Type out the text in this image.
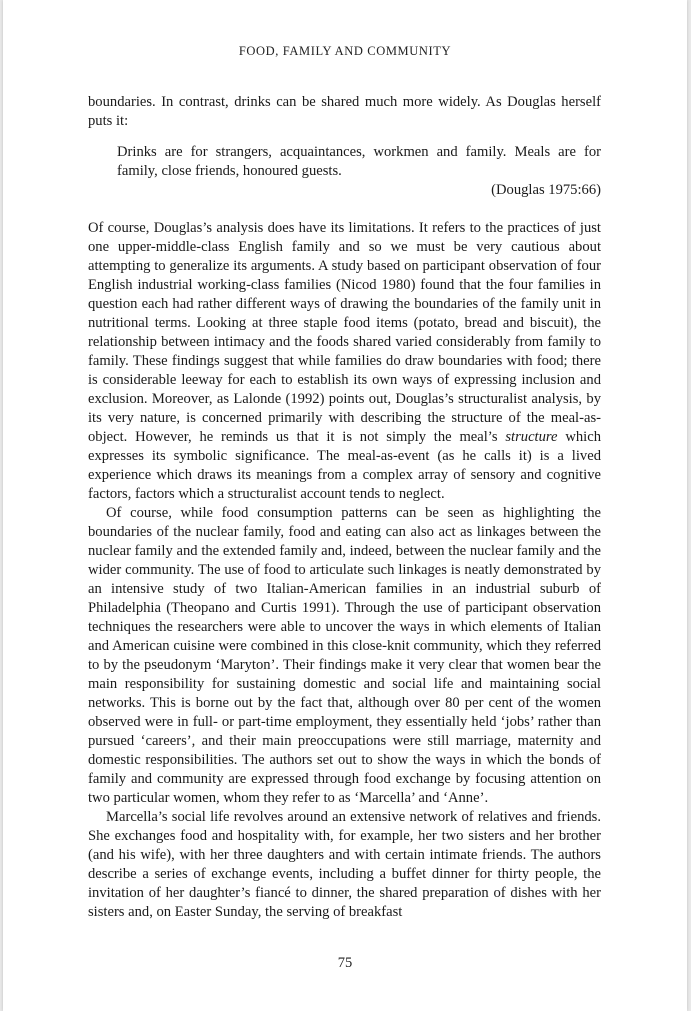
FOOD, FAMILY AND COMMUNITY

boundaries. In contrast, drinks can be shared much more widely. As Douglas herself puts it:

Drinks are for strangers, acquaintances, workmen and family. Meals are for family, close friends, honoured guests.

(Douglas 1975:66)

Of course, Douglas’s analysis does have its limitations. It refers to the practices of just one upper-middle-class English family and so we must be very cautious about attempting to generalize its arguments. A study based on participant observation of four English industrial working-class families (Nicod 1980) found that the four families in question each had rather different ways of drawing the boundaries of the family unit in nutritional terms. Looking at three staple food items (potato, bread and biscuit), the relationship between intimacy and the foods shared varied considerably from family to family. These findings suggest that while families do draw boundaries with food; there is considerable leeway for each to establish its own ways of expressing inclusion and exclusion. Moreover, as Lalonde (1992) points out, Douglas’s structuralist analysis, by its very nature, is concerned primarily with describing the structure of the meal-as-object. However, he reminds us that it is not simply the meal’s structure which expresses its symbolic significance. The meal-as-event (as he calls it) is a lived experience which draws its meanings from a complex array of sensory and cognitive factors, factors which a structuralist account tends to neglect.

Of course, while food consumption patterns can be seen as highlighting the boundaries of the nuclear family, food and eating can also act as linkages between the nuclear family and the extended family and, indeed, between the nuclear family and the wider community. The use of food to articulate such linkages is neatly demonstrated by an intensive study of two Italian-American families in an industrial suburb of Philadelphia (Theopano and Curtis 1991). Through the use of participant observation techniques the researchers were able to uncover the ways in which elements of Italian and American cuisine were combined in this close-knit community, which they referred to by the pseudonym ‘Maryton’. Their findings make it very clear that women bear the main responsibility for sustaining domestic and social life and maintaining social networks. This is borne out by the fact that, although over 80 per cent of the women observed were in full- or part-time employment, they essentially held ‘jobs’ rather than pursued ‘careers’, and their main preoccupations were still marriage, maternity and domestic responsibilities. The authors set out to show the ways in which the bonds of family and community are expressed through food exchange by focusing attention on two particular women, whom they refer to as ‘Marcella’ and ‘Anne’.

Marcella’s social life revolves around an extensive network of relatives and friends. She exchanges food and hospitality with, for example, her two sisters and her brother (and his wife), with her three daughters and with certain intimate friends. The authors describe a series of exchange events, including a buffet dinner for thirty people, the invitation of her daughter’s fiancé to dinner, the shared preparation of dishes with her sisters and, on Easter Sunday, the serving of breakfast

75
